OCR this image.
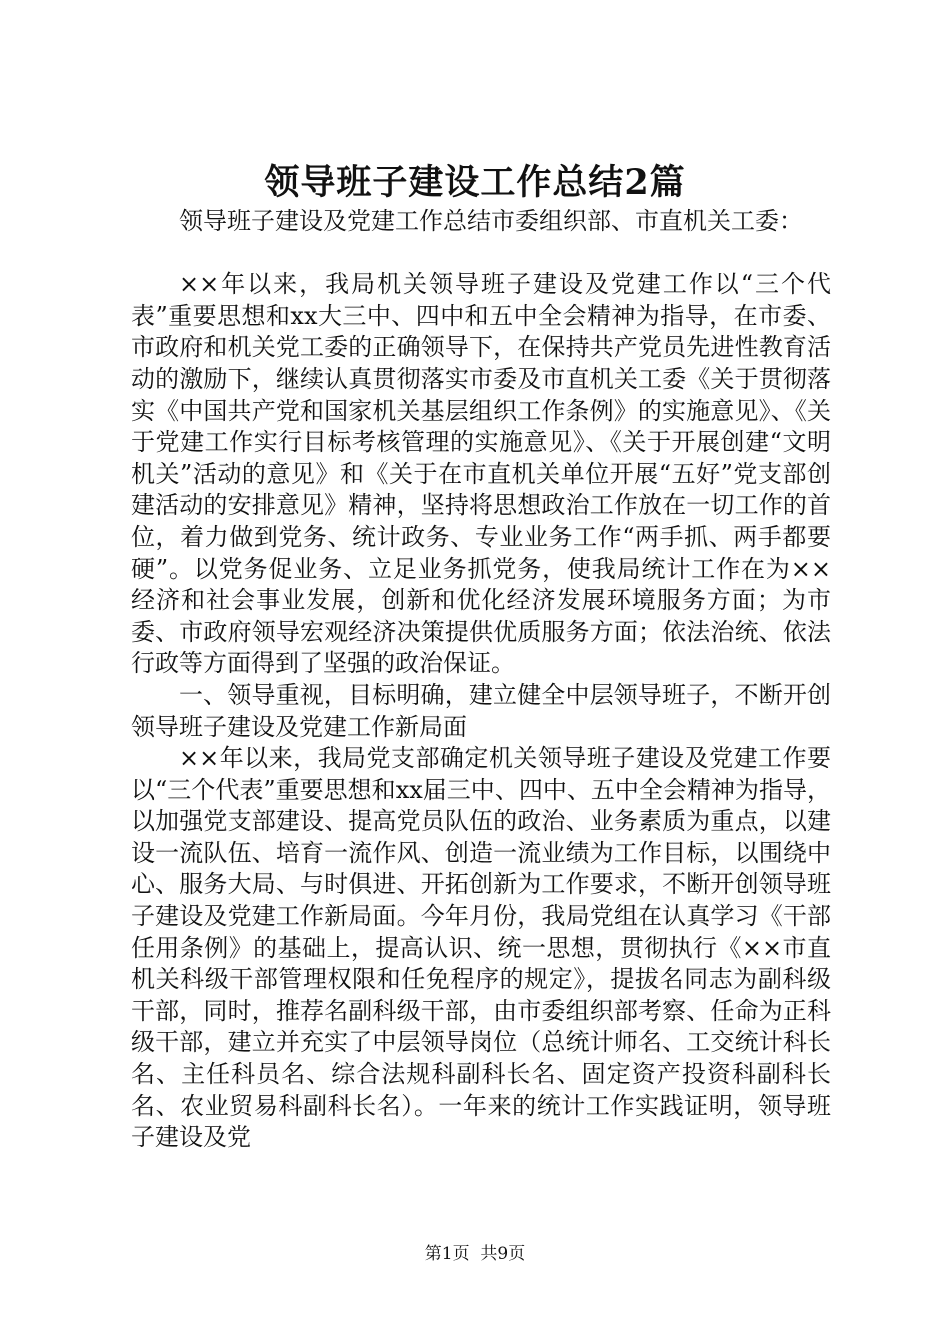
领导班子建设工作总结2篇

领导班子建设及党建工作总结市委组织部、市直机关工委：

××年以来，我局机关领导班子建设及党建工作以“三个代表”重要思想和xx大三中、四中和五中全会精神为指导，在市委、市政府和机关党工委的正确领导下，在保持共产党员先进性教育活动的激励下，继续认真贯彻落实市委及市直机关工委《关于贯彻落实《中国共产党和国家机关基层组织工作条例》的实施意见》、《关于党建工作实行目标考核管理的实施意见》、《关于开展创建“文明机关”活动的意见》和《关于在市直机关单位开展“五好”党支部创建活动的安排意见》精神，坚持将思想政治工作放在一切工作的首位，着力做到党务、统计政务、专业业务工作“两手抓、两手都要硬”。以党务促业务、立足业务抓党务，使我局统计工作在为××经济和社会事业发展，创新和优化经济发展环境服务方面；为市委、市政府领导宏观经济决策提供优质服务方面；依法治统、依法行政等方面得到了坚强的政治保证。

一、领导重视，目标明确，建立健全中层领导班子，不断开创领导班子建设及党建工作新局面

××年以来，我局党支部确定机关领导班子建设及党建工作要以“三个代表”重要思想和xx届三中、四中、五中全会精神为指导，以加强党支部建设、提高党员队伍的政治、业务素质为重点，以建设一流队伍、培育一流作风、创造一流业绩为工作目标，以围绕中心、服务大局、与时俱进、开拓创新为工作要求，不断开创领导班子建设及党建工作新局面。今年月份，我局党组在认真学习《干部任用条例》的基础上，提高认识、统一思想，贯彻执行《××市直机关科级干部管理权限和任免程序的规定》，提拔名同志为副科级干部，同时，推荐名副科级干部，由市委组织部考察、任命为正科级干部，建立并充实了中层领导岗位（总统计师名、工交统计科长名、主任科员名、综合法规科副科长名、固定资产投资科副科长名、农业贸易科副科长名）。一年来的统计工作实践证明，领导班子建设及党

第1页  共9页
